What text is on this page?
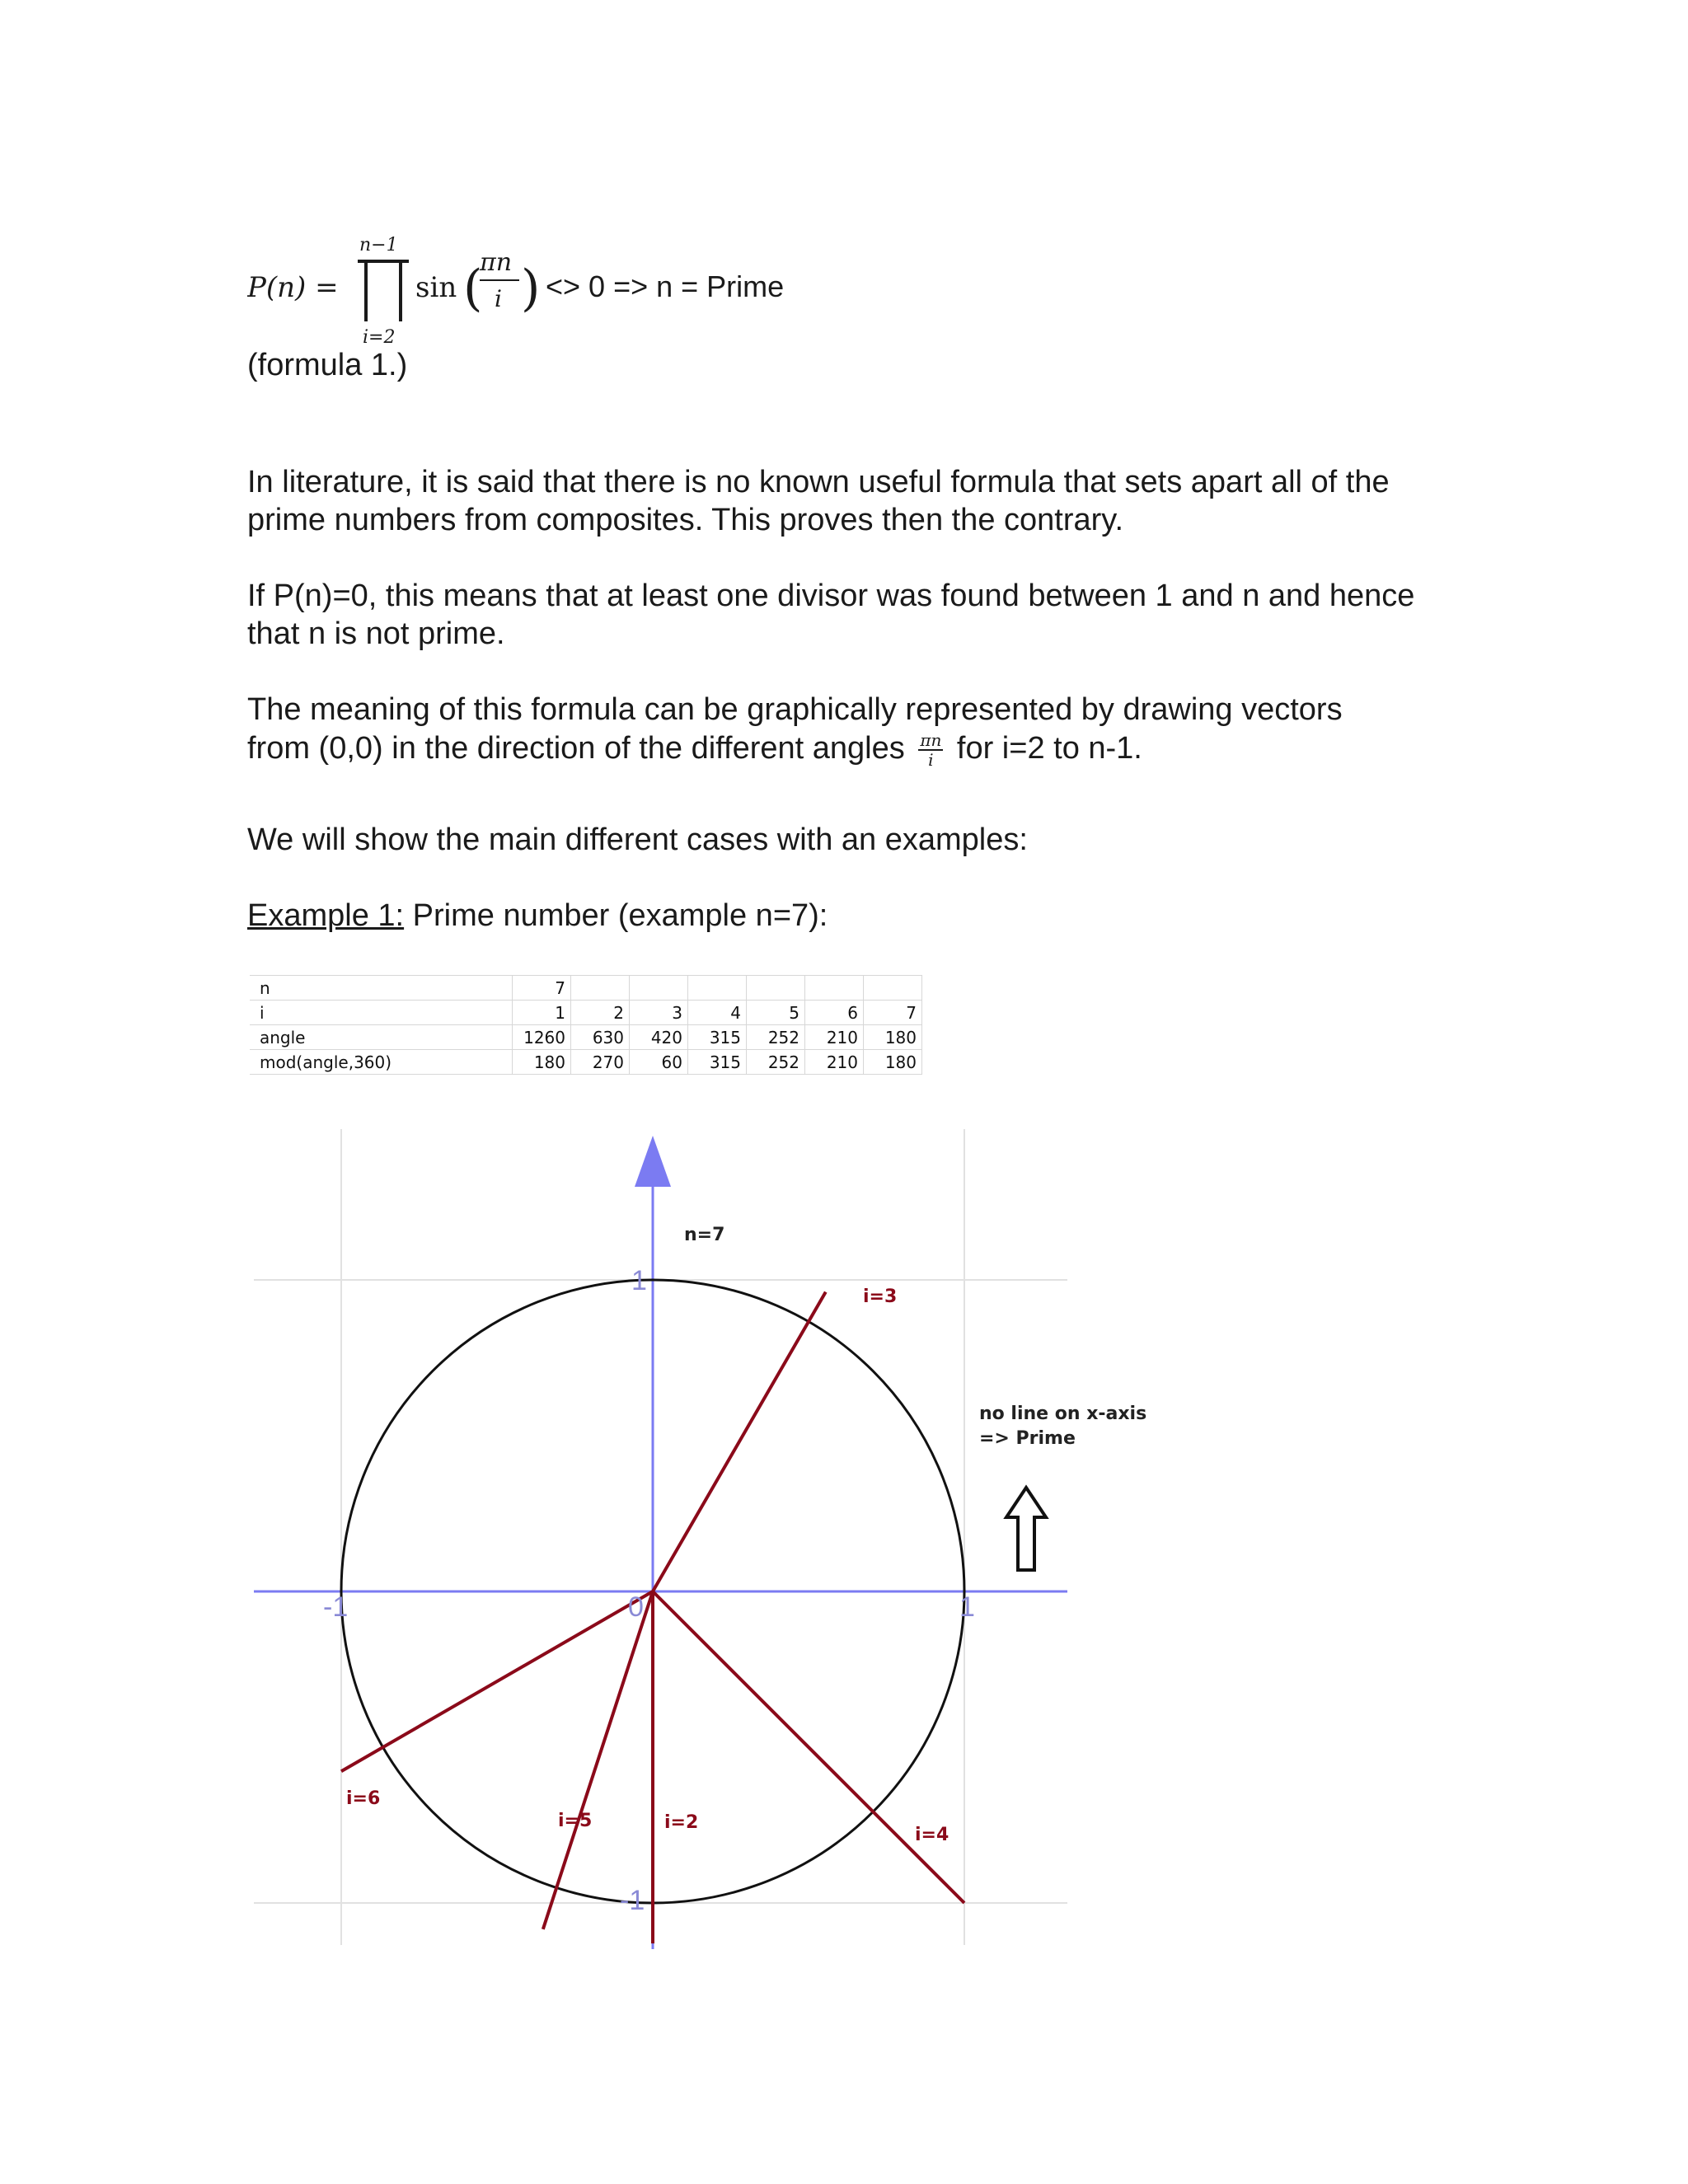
P(n) =
n−1
i=2
sin (
πn
i ) <> 0 => n = Prime
(formula 1.)
In literature, it is said that there is no known useful formula that sets apart all of the prime numbers from composites. This proves then the contrary.
If P(n)=0, this means that at least one divisor was found between 1 and n and hence that n is not prime.
The meaning of this formula can be graphically represented by drawing vectors
from (0,0) in the direction of the different angles $\frac{\pi n}{i}$ for i=2 to n-1.
We will show the main different cases with an examples:
Example 1: Prime number (example n=7):
n	7						
i	1	2	3	4	5	6	7
angle	1260	630	420	315	252	210	180
mod(angle,360)	180	270	60	315	252	210	180
i=2
i=3
i=4
i=5
i=6
n=7
-1	1
1
-1
0
no line on x-axis
=> Prime
